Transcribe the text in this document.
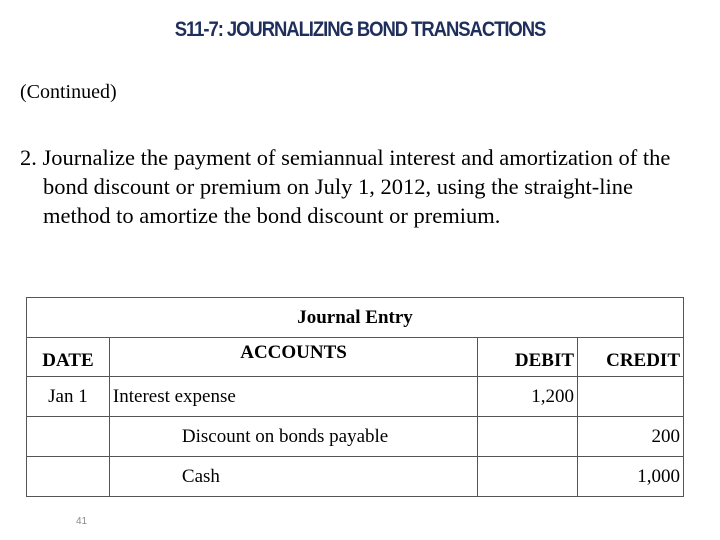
S11-7: JOURNALIZING BOND TRANSACTIONS
(Continued)
2. Journalize the payment of semiannual interest and amortization of the bond discount or premium on July 1, 2012, using the straight-line method to amortize the bond discount or premium.
Journal Entry			
DATE	ACCOUNTS	DEBIT	CREDIT
Jan 1	Interest expense	1,200	
	Discount on bonds payable		200
	Cash		1,000
41
